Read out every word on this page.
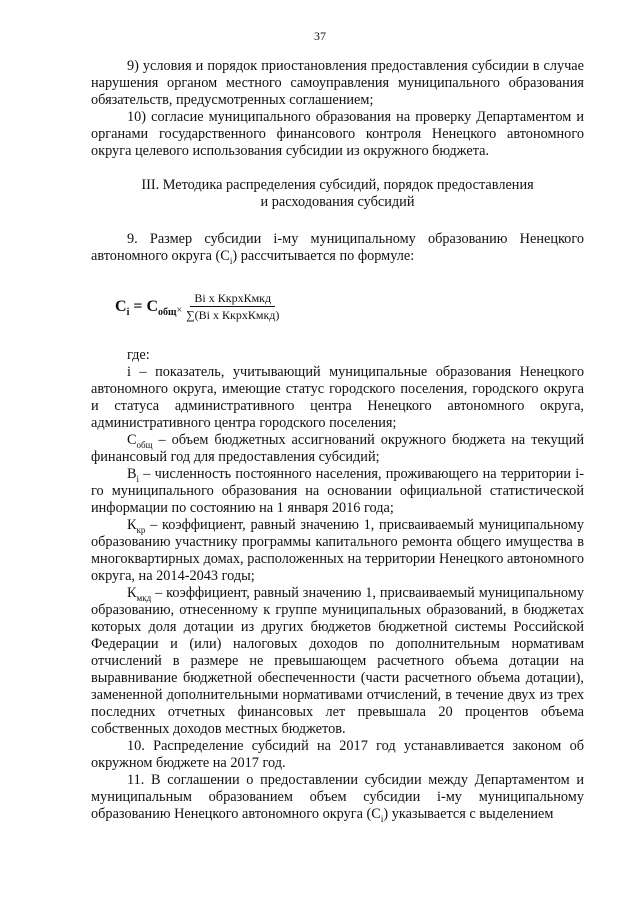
37

9) условия и порядок приостановления предоставления субсидии в случае нарушения органом местного самоуправления муниципального образования обязательств, предусмотренных соглашением;

10) согласие муниципального образования на проверку Департаментом и органами государственного финансового контроля Ненецкого автономного округа целевого использования субсидии из окружного бюджета.

III. Методика распределения субсидий, порядок предоставления
и расходования субсидий

9. Размер субсидии i-му муниципальному образованию Ненецкого автономного округа $(C_i)$ рассчитывается по формуле:

$C_i = C_{общ} \times \frac{\text{Bi x КкрхКмкд}}{\text{∑(Bi x КкрхКмкд)}}$

где:

i – показатель, учитывающий муниципальные образования Ненецкого автономного округа, имеющие статус городского поселения, городского округа и статуса административного центра Ненецкого автономного округа, административного центра городского поселения;

$C_{общ}$ – объем бюджетных ассигнований окружного бюджета на текущий финансовый год для предоставления субсидий;

$B_i$ – численность постоянного населения, проживающего на территории i-го муниципального образования на основании официальной статистической информации по состоянию на 1 января 2016 года;

$К_{кр}$ – коэффициент, равный значению 1, присваиваемый муниципальному образованию участнику программы капитального ремонта общего имущества в многоквартирных домах, расположенных на территории Ненецкого автономного округа, на 2014-2043 годы;

$К_{мкд}$ – коэффициент, равный значению 1, присваиваемый муниципальному образованию, отнесенному к группе муниципальных образований, в бюджетах которых доля дотации из других бюджетов бюджетной системы Российской Федерации и (или) налоговых доходов по дополнительным нормативам отчислений в размере не превышающем расчетного объема дотации на выравнивание бюджетной обеспеченности (части расчетного объема дотации), замененной дополнительными нормативами отчислений, в течение двух из трех последних отчетных финансовых лет превышала 20 процентов объема собственных доходов местных бюджетов.

10. Распределение субсидий на 2017 год устанавливается законом об окружном бюджете на 2017 год.

11. В соглашении о предоставлении субсидии между Департаментом и муниципальным образованием объем субсидии i-му муниципальному образованию Ненецкого автономного округа $(C_i)$ указывается с выделением
